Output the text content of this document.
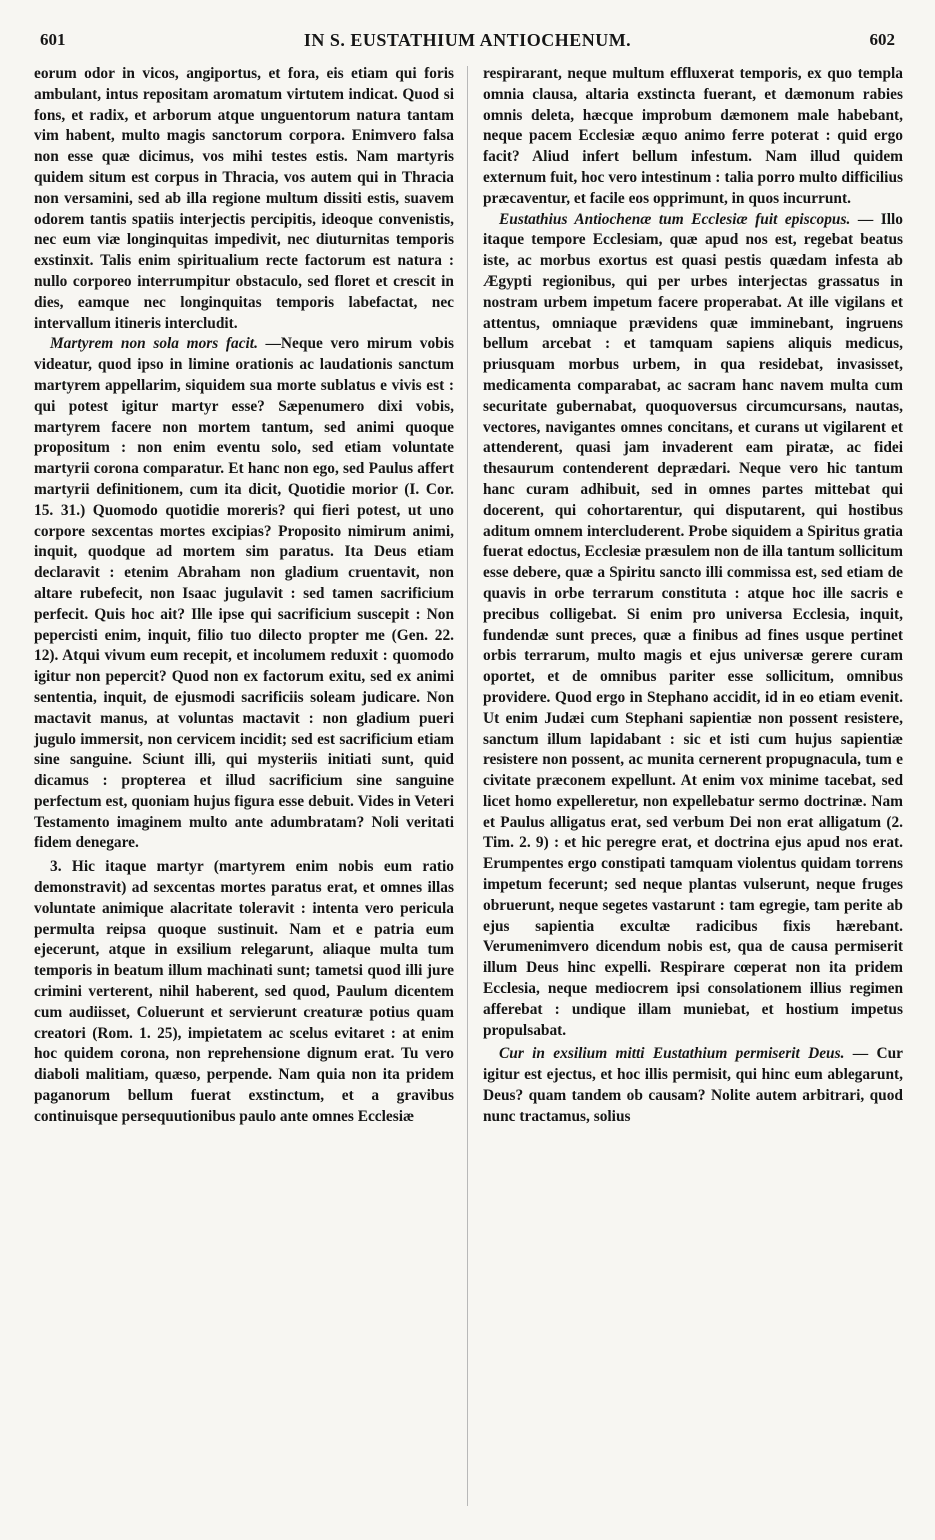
601	IN S. EUSTATHIUM ANTIOCHENUM.	602

eorum odor in vicos, angiportus, et fora, eis etiam qui foris ambulant, intus repositam aromatum virtutem indicat. Quod si fons, et radix, et arborum atque unguentorum natura tantam vim habent, multo magis sanctorum corpora. Enimvero falsa non esse quæ dicimus, vos mihi testes estis. Nam martyris quidem situm est corpus in Thracia, vos autem qui in Thracia non versamini, sed ab illa regione multum dissiti estis, suavem odorem tantis spatiis interjectis percipitis, ideoque convenistis, nec eum viæ longinquitas impedivit, nec diuturnitas temporis exstinxit. Talis enim spiritualium recte factorum est natura : nullo corporeo interrumpitur obstaculo, sed floret et crescit in dies, eamque nec longinquitas temporis labefactat, nec intervallum itineris intercludit.

Martyrem non sola mors facit. —Neque vero mirum vobis videatur, quod ipso in limine orationis ac laudationis sanctum martyrem appellarim, siquidem sua morte sublatus e vivis est : qui potest igitur martyr esse? Sæpenumero dixi vobis, martyrem facere non mortem tantum, sed animi quoque propositum : non enim eventu solo, sed etiam voluntate martyrii corona comparatur. Et hanc non ego, sed Paulus affert martyrii definitionem, cum ita dicit, Quotidie morior (I. Cor. 15. 31.) Quomodo quotidie moreris? qui fieri potest, ut uno corpore sexcentas mortes excipias? Proposito nimirum animi, inquit, quodque ad mortem sim paratus. Ita Deus etiam declaravit : etenim Abraham non gladium cruentavit, non altare rubefecit, non Isaac jugulavit : sed tamen sacrificium perfecit. Quis hoc ait? Ille ipse qui sacrificium suscepit : Non pepercisti enim, inquit, filio tuo dilecto propter me (Gen. 22. 12). Atqui vivum eum recepit, et incolumem reduxit : quomodo igitur non pepercit? Quod non ex factorum exitu, sed ex animi sententia, inquit, de ejusmodi sacrificiis soleam judicare. Non mactavit manus, at voluntas mactavit : non gladium pueri jugulo immersit, non cervicem incidit; sed est sacrificium etiam sine sanguine. Sciunt illi, qui mysteriis initiati sunt, quid dicamus : propterea et illud sacrificium sine sanguine perfectum est, quoniam hujus figura esse debuit. Vides in Veteri Testamento imaginem multo ante adumbratam? Noli veritati fidem denegare.

3. Hic itaque martyr (martyrem enim nobis eum ratio demonstravit) ad sexcentas mortes paratus erat, et omnes illas voluntate animique alacritate toleravit : intenta vero pericula permulta reipsa quoque sustinuit. Nam et e patria eum ejecerunt, atque in exsilium relegarunt, aliaque multa tum temporis in beatum illum machinati sunt; tametsi quod illi jure crimini verterent, nihil haberent, sed quod, Paulum dicentem cum audiisset, Coluerunt et servierunt creaturæ potius quam creatori (Rom. 1. 25), impietatem ac scelus evitaret : at enim hoc quidem corona, non reprehensione dignum erat. Tu vero diaboli malitiam, quæso, perpende. Nam quia non ita pridem paganorum bellum fuerat exstinctum, et a gravibus continuisque persequutionibus paulo ante omnes Ecclesiæ

respirarant, neque multum effluxerat temporis, ex quo templa omnia clausa, altaria exstincta fuerant, et dæmonum rabies omnis deleta, hæcque improbum dæmonem male habebant, neque pacem Ecclesiæ æquo animo ferre poterat : quid ergo facit? Aliud infert bellum infestum. Nam illud quidem externum fuit, hoc vero intestinum : talia porro multo difficilius præcaventur, et facile eos opprimunt, in quos incurrunt.

Eustathius Antiochenæ tum Ecclesiæ fuit episcopus. — Illo itaque tempore Ecclesiam, quæ apud nos est, regebat beatus iste, ac morbus exortus est quasi pestis quædam infesta ab Ægypti regionibus, qui per urbes interjectas grassatus in nostram urbem impetum facere properabat. At ille vigilans et attentus, omniaque prævidens quæ imminebant, ingruens bellum arcebat : et tamquam sapiens aliquis medicus, priusquam morbus urbem, in qua residebat, invasisset, medicamenta comparabat, ac sacram hanc navem multa cum securitate gubernabat, quoquoversus circumcursans, nautas, vectores, navigantes omnes concitans, et curans ut vigilarent et attenderent, quasi jam invaderent eam piratæ, ac fidei thesaurum contenderent deprædari. Neque vero hic tantum hanc curam adhibuit, sed in omnes partes mittebat qui docerent, qui cohortarentur, qui disputarent, qui hostibus aditum omnem intercluderent. Probe siquidem a Spiritus gratia fuerat edoctus, Ecclesiæ præsulem non de illa tantum sollicitum esse debere, quæ a Spiritu sancto illi commissa est, sed etiam de quavis in orbe terrarum constituta : atque hoc ille sacris e precibus colligebat. Si enim pro universa Ecclesia, inquit, fundendæ sunt preces, quæ a finibus ad fines usque pertinet orbis terrarum, multo magis et ejus universæ gerere curam oportet, et de omnibus pariter esse sollicitum, omnibus providere. Quod ergo in Stephano accidit, id in eo etiam evenit. Ut enim Judæi cum Stephani sapientiæ non possent resistere, sanctum illum lapidabant : sic et isti cum hujus sapientiæ resistere non possent, ac munita cernerent propugnacula, tum e civitate præconem expellunt. At enim vox minime tacebat, sed licet homo expelleretur, non expellebatur sermo doctrinæ. Nam et Paulus alligatus erat, sed verbum Dei non erat alligatum (2. Tim. 2. 9) : et hic peregre erat, et doctrina ejus apud nos erat. Erumpentes ergo constipati tamquam violentus quidam torrens impetum fecerunt; sed neque plantas vulserunt, neque fruges obruerunt, neque segetes vastarunt : tam egregie, tam perite ab ejus sapientia excultæ radicibus fixis hærebant. Verumenimvero dicendum nobis est, qua de causa permiserit illum Deus hinc expelli. Respirare cœperat non ita pridem Ecclesia, neque mediocrem ipsi consolationem illius regimen afferebat : undique illam muniebat, et hostium impetus propulsabat.

Cur in exsilium mitti Eustathium permiserit Deus. — Cur igitur est ejectus, et hoc illis permisit, qui hinc eum ablegarunt, Deus? quam tandem ob causam? Nolite autem arbitrari, quod nunc tractamus, solius
